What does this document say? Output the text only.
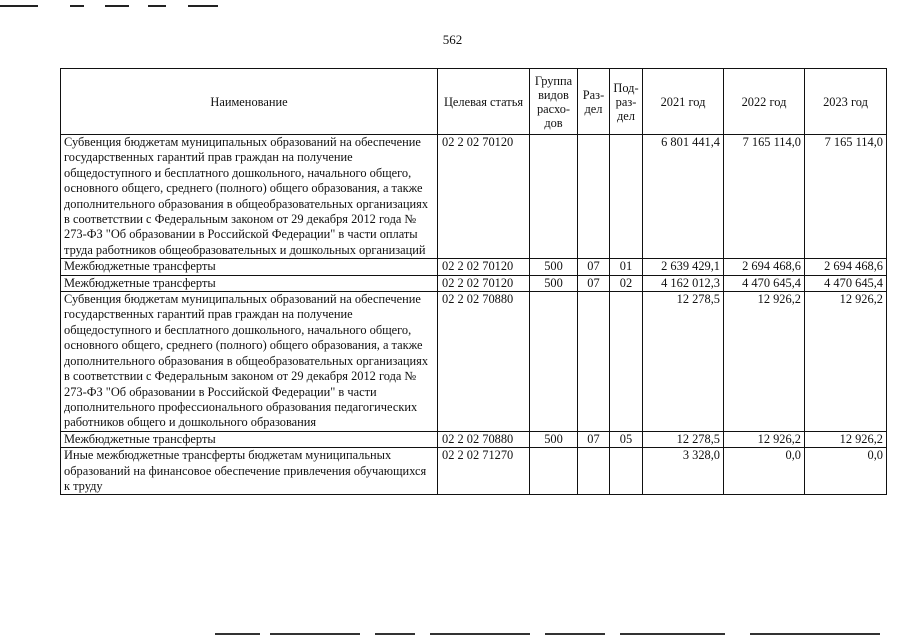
562
Наименование	Целевая статья	Группа видов расхо-дов	Раз-дел	Под-раз-дел	2021 год	2022 год	2023 год
Субвенция бюджетам муниципальных образований на обеспечение государственных гарантий прав граждан на получение общедоступного и бесплатного дошкольного, начального общего, основного общего, среднего (полного) общего образования, а также дополнительного образования в общеобразовательных организациях в соответствии с Федеральным законом от 29 декабря 2012 года № 273-ФЗ "Об образовании в Российской Федерации" в части оплаты труда работников общеобразовательных и дошкольных организаций	02 2 02 70120				6 801 441,4	7 165 114,0	7 165 114,0
Межбюджетные трансферты	02 2 02 70120	500	07	01	2 639 429,1	2 694 468,6	2 694 468,6
Межбюджетные трансферты	02 2 02 70120	500	07	02	4 162 012,3	4 470 645,4	4 470 645,4
Субвенция бюджетам муниципальных образований на обеспечение государственных гарантий прав граждан на получение общедоступного и бесплатного дошкольного, начального общего, основного общего, среднего (полного) общего образования, а также дополнительного образования в общеобразовательных организациях в соответствии с Федеральным законом от 29 декабря 2012 года № 273-ФЗ "Об образовании в Российской Федерации" в части дополнительного профессионального образования педагогических работников общего и дошкольного образования	02 2 02 70880				12 278,5	12 926,2	12 926,2
Межбюджетные трансферты	02 2 02 70880	500	07	05	12 278,5	12 926,2	12 926,2
Иные межбюджетные трансферты бюджетам муниципальных образований на финансовое обеспечение привлечения обучающихся к труду	02 2 02 71270				3 328,0	0,0	0,0
